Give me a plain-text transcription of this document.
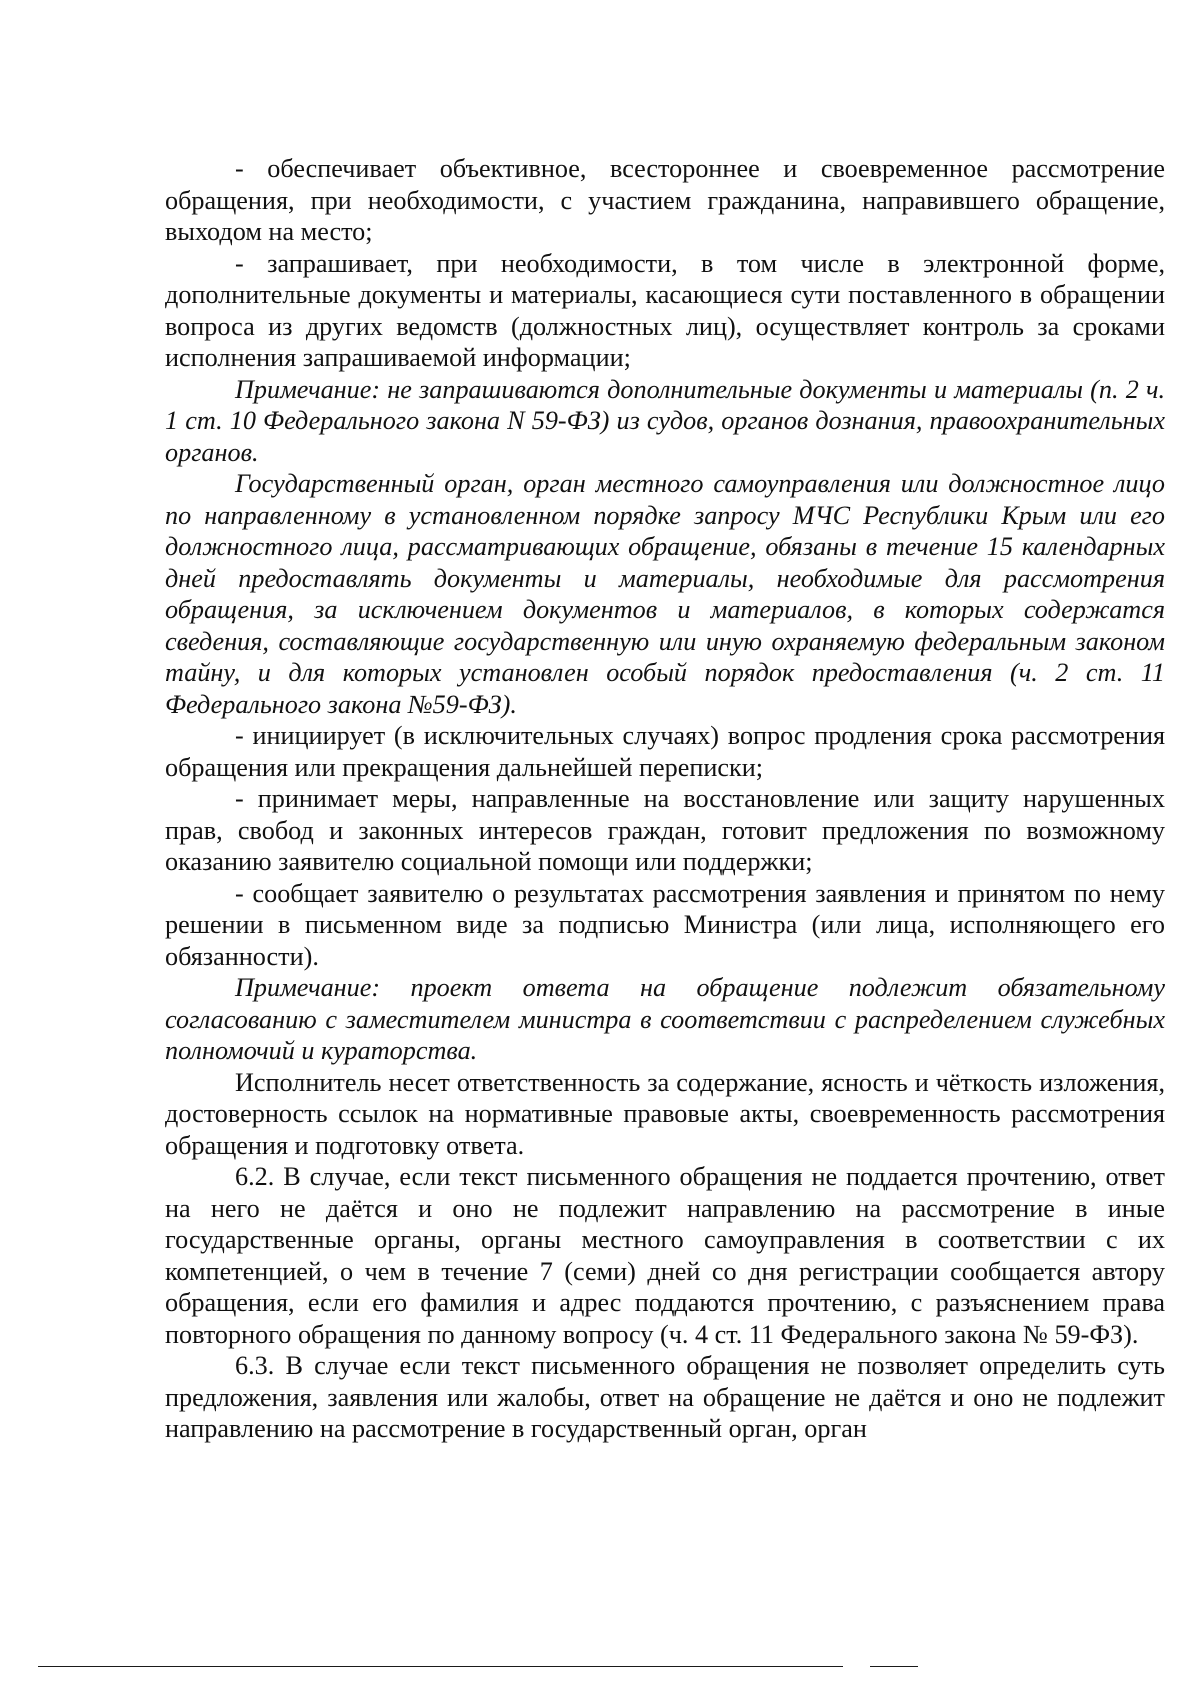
- обеспечивает объективное, всестороннее и своевременное рассмотрение обращения, при необходимости, с участием гражданина, направившего обращение, выходом на место;

- запрашивает, при необходимости, в том числе в электронной форме, дополнительные документы и материалы, касающиеся сути поставленного в обращении вопроса из других ведомств (должностных лиц), осуществляет контроль за сроками исполнения запрашиваемой информации;

Примечание: не запрашиваются дополнительные документы и материалы (п. 2 ч. 1 ст. 10 Федерального закона N 59-ФЗ) из судов, органов дознания, правоохранительных органов.

Государственный орган, орган местного самоуправления или должностное лицо по направленному в установленном порядке запросу МЧС Республики Крым или его должностного лица, рассматривающих обращение, обязаны в течение 15 календарных дней предоставлять документы и материалы, необходимые для рассмотрения обращения, за исключением документов и материалов, в которых содержатся сведения, составляющие государственную или иную охраняемую федеральным законом тайну, и для которых установлен особый порядок предоставления (ч. 2 ст. 11 Федерального закона №59-ФЗ).

- инициирует (в исключительных случаях) вопрос продления срока рассмотрения обращения или прекращения дальнейшей переписки;

- принимает меры, направленные на восстановление или защиту нарушенных прав, свобод и законных интересов граждан, готовит предложения по возможному оказанию заявителю социальной помощи или поддержки;

- сообщает заявителю о результатах рассмотрения заявления и принятом по нему решении в письменном виде за подписью Министра (или лица, исполняющего его обязанности).

Примечание: проект ответа на обращение подлежит обязательному согласованию с заместителем министра в соответствии с распределением служебных полномочий и кураторства.

Исполнитель несет ответственность за содержание, ясность и чёткость изложения, достоверность ссылок на нормативные правовые акты, своевременность рассмотрения обращения и подготовку ответа.

6.2. В случае, если текст письменного обращения не поддается прочтению, ответ на него не даётся и оно не подлежит направлению на рассмотрение в иные государственные органы, органы местного самоуправления в соответствии с их компетенцией, о чем в течение 7 (семи) дней со дня регистрации сообщается автору обращения, если его фамилия и адрес поддаются прочтению, с разъяснением права повторного обращения по данному вопросу (ч. 4 ст. 11 Федерального закона № 59-ФЗ).

6.3. В случае если текст письменного обращения не позволяет определить суть предложения, заявления или жалобы, ответ на обращение не даётся и оно не подлежит направлению на рассмотрение в государственный орган, орган
